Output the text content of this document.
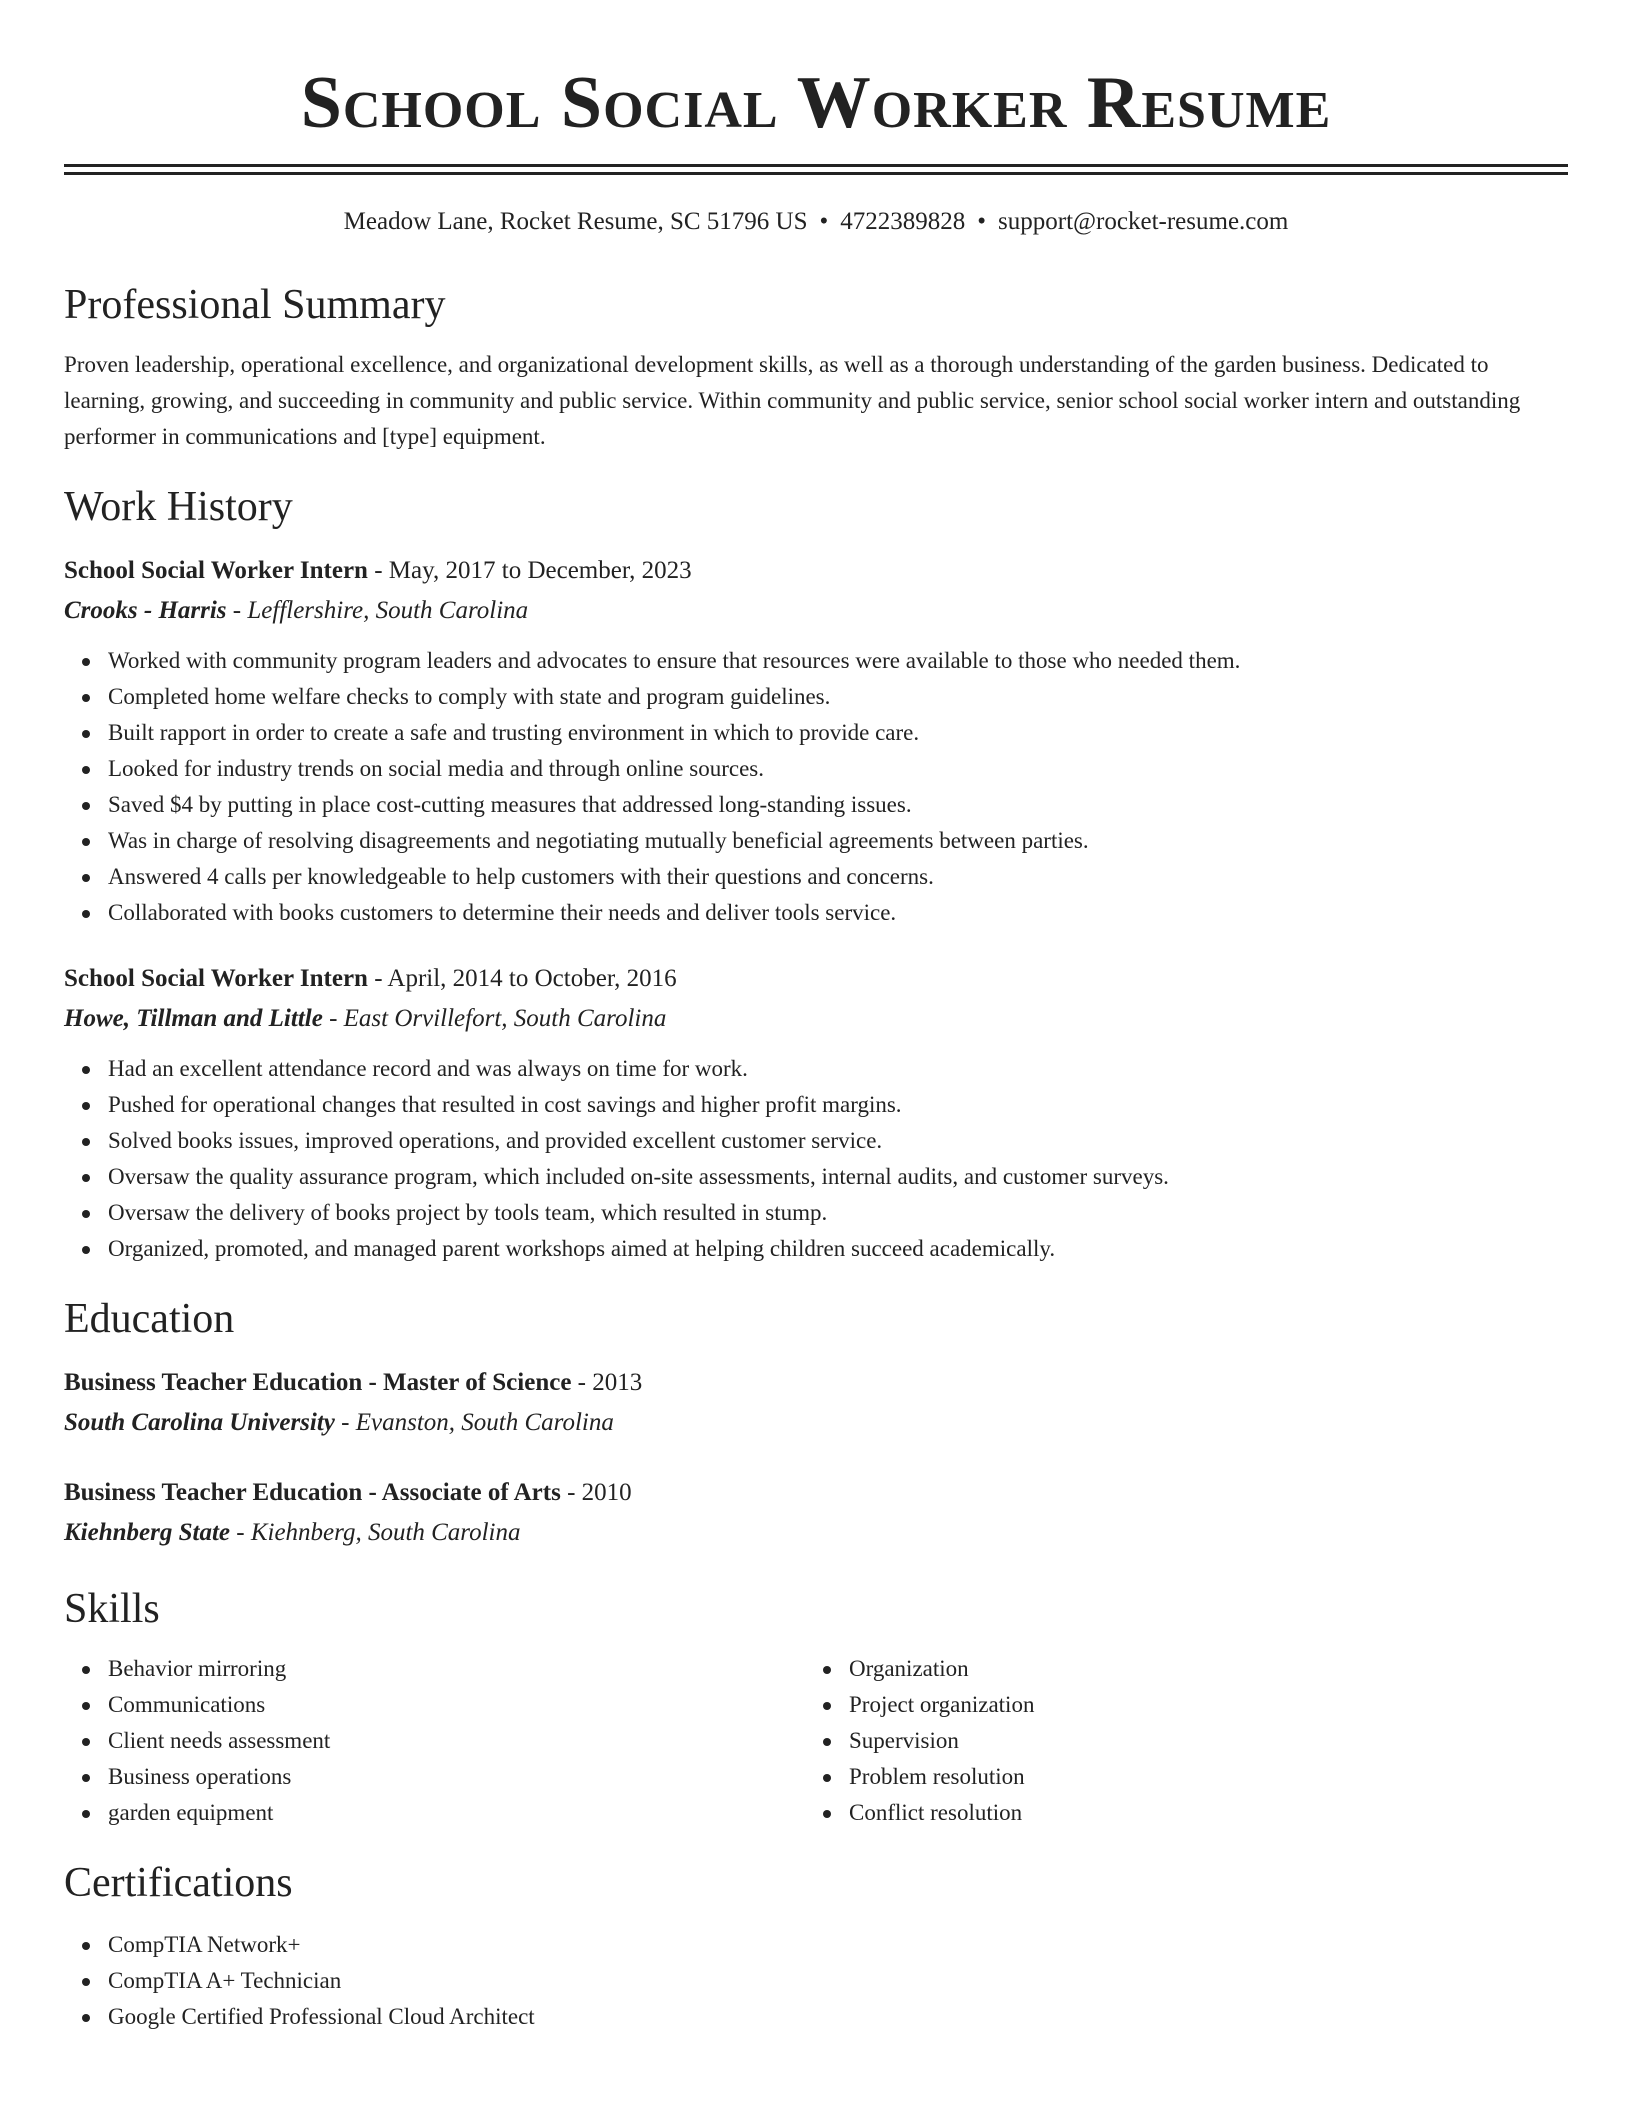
School Social Worker Resume
Meadow Lane, Rocket Resume, SC 51796 US • 4722389828 • support@rocket-resume.com
Professional Summary

Proven leadership, operational excellence, and organizational development skills, as well as a thorough understanding of the garden business. Dedicated to learning, growing, and succeeding in community and public service. Within community and public service, senior school social worker intern and outstanding performer in communications and [type] equipment.

Work History
School Social Worker Intern - May, 2017 to December, 2023
Crooks - Harris - Lefflershire, South Carolina
Worked with community program leaders and advocates to ensure that resources were available to those who needed them.
Completed home welfare checks to comply with state and program guidelines.
Built rapport in order to create a safe and trusting environment in which to provide care.
Looked for industry trends on social media and through online sources.
Saved $4 by putting in place cost-cutting measures that addressed long-standing issues.
Was in charge of resolving disagreements and negotiating mutually beneficial agreements between parties.
Answered 4 calls per knowledgeable to help customers with their questions and concerns.
Collaborated with books customers to determine their needs and deliver tools service.
School Social Worker Intern - April, 2014 to October, 2016
Howe, Tillman and Little - East Orvillefort, South Carolina
Had an excellent attendance record and was always on time for work.
Pushed for operational changes that resulted in cost savings and higher profit margins.
Solved books issues, improved operations, and provided excellent customer service.
Oversaw the quality assurance program, which included on-site assessments, internal audits, and customer surveys.
Oversaw the delivery of books project by tools team, which resulted in stump.
Organized, promoted, and managed parent workshops aimed at helping children succeed academically.
Education
Business Teacher Education - Master of Science - 2013
South Carolina University - Evanston, South Carolina
Business Teacher Education - Associate of Arts - 2010
Kiehnberg State - Kiehnberg, South Carolina
Skills
Behavior mirroring
Communications
Client needs assessment
Business operations
garden equipment
Organization
Project organization
Supervision
Problem resolution
Conflict resolution
Certifications
CompTIA Network+
CompTIA A+ Technician
Google Certified Professional Cloud Architect
